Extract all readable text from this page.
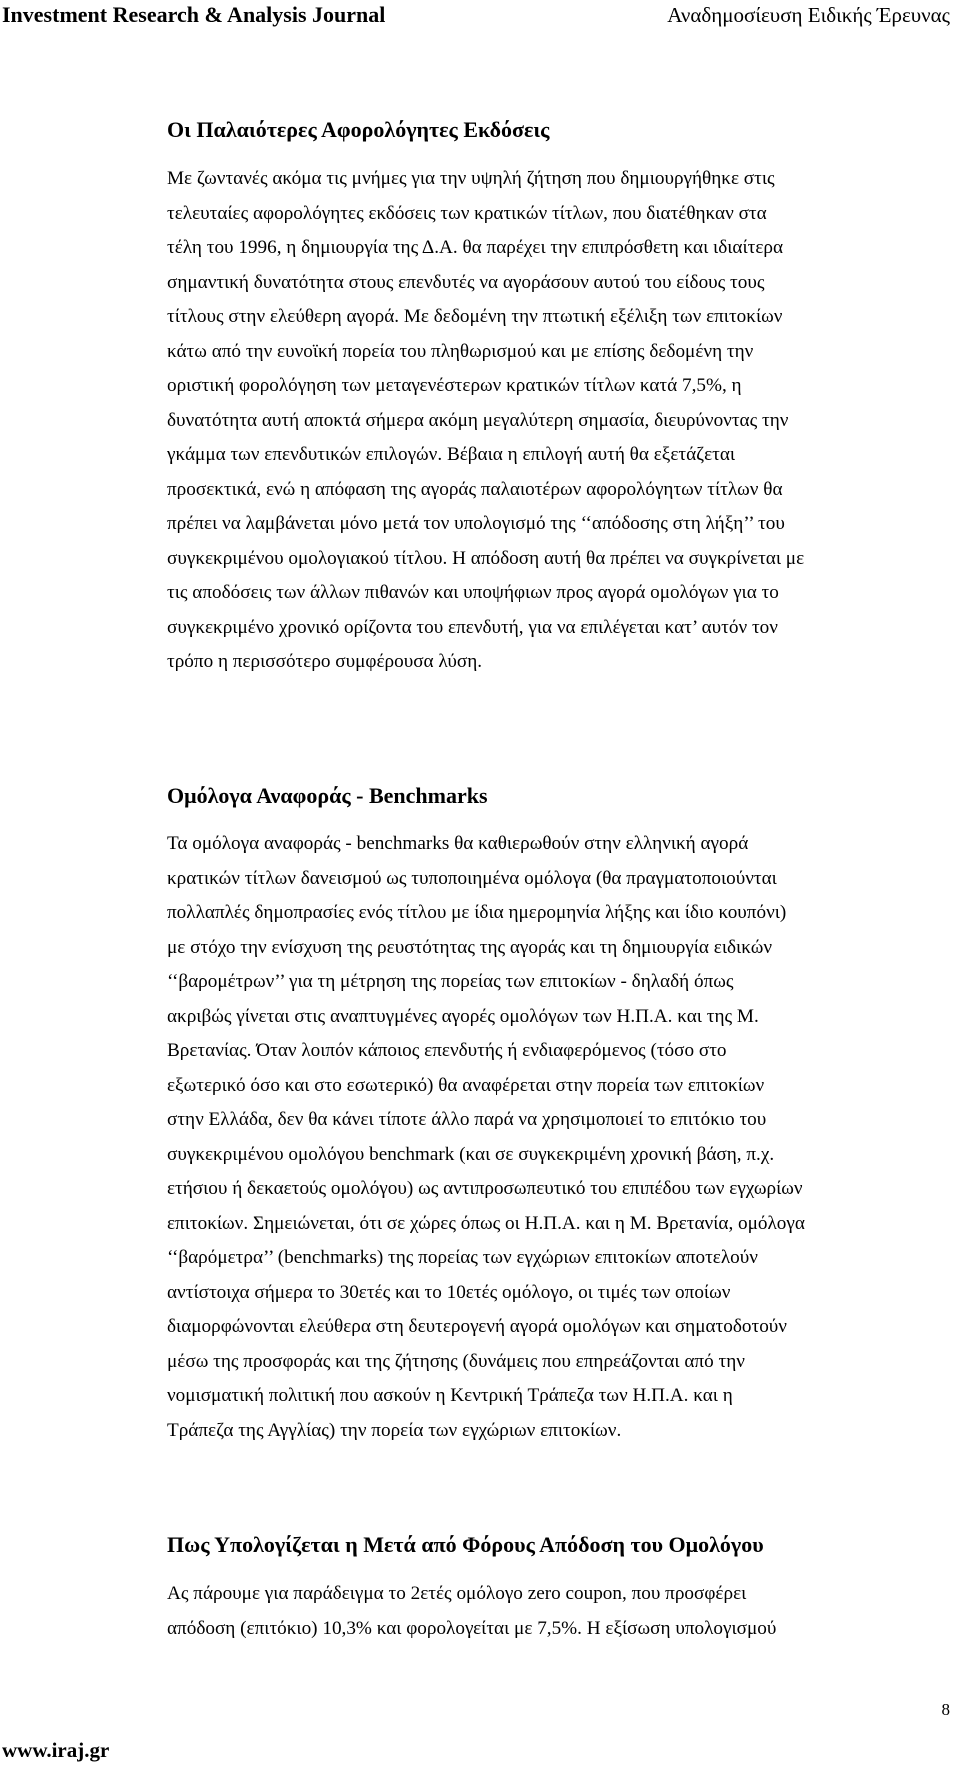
Investment Research & Analysis Journal	Αναδημοσίευση Ειδικής Έρευνας
Οι Παλαιότερες Αφορολόγητες Εκδόσεις
Με ζωντανές ακόμα τις μνήμες για την υψηλή ζήτηση που δημιουργήθηκε στις
τελευταίες αφορολόγητες εκδόσεις των κρατικών τίτλων, που διατέθηκαν στα
τέλη του 1996, η δημιουργία της Δ.Α. θα παρέχει την επιπρόσθετη και ιδιαίτερα
σημαντική δυνατότητα στους επενδυτές να αγοράσουν αυτού του είδους τους
τίτλους στην ελεύθερη αγορά. Με δεδομένη την πτωτική εξέλιξη των επιτοκίων
κάτω από την ευνοϊκή πορεία του πληθωρισμού και με επίσης δεδομένη την
οριστική φορολόγηση των μεταγενέστερων κρατικών τίτλων κατά 7,5%, η
δυνατότητα αυτή αποκτά σήμερα ακόμη μεγαλύτερη σημασία, διευρύνοντας την
γκάμμα των επενδυτικών επιλογών. Βέβαια η επιλογή αυτή θα εξετάζεται
προσεκτικά, ενώ η απόφαση της αγοράς παλαιοτέρων αφορολόγητων τίτλων θα
πρέπει να λαμβάνεται μόνο μετά τον υπολογισμό της ‘‘απόδοσης στη λήξη’’ του
συγκεκριμένου ομολογιακού τίτλου. Η απόδοση αυτή θα πρέπει να συγκρίνεται με
τις αποδόσεις των άλλων πιθανών και υποψήφιων προς αγορά ομολόγων για το
συγκεκριμένο χρονικό ορίζοντα του επενδυτή, για να επιλέγεται κατ’ αυτόν τον
τρόπο η περισσότερο συμφέρουσα λύση.
Ομόλογα Αναφοράς - Benchmarks
Τα ομόλογα αναφοράς - benchmarks θα καθιερωθούν στην ελληνική αγορά
κρατικών τίτλων δανεισμού ως τυποποιημένα ομόλογα (θα πραγματοποιούνται
πολλαπλές δημοπρασίες ενός τίτλου με ίδια ημερομηνία λήξης και ίδιο κουπόνι)
με στόχο την ενίσχυση της ρευστότητας της αγοράς και τη δημιουργία ειδικών
‘‘βαρομέτρων’’ για τη μέτρηση της πορείας των επιτοκίων - δηλαδή όπως
ακριβώς γίνεται στις αναπτυγμένες αγορές ομολόγων των Η.Π.Α. και της Μ.
Βρετανίας. Όταν λοιπόν κάποιος επενδυτής ή ενδιαφερόμενος (τόσο στο
εξωτερικό όσο και στο εσωτερικό) θα αναφέρεται στην πορεία των επιτοκίων
στην Ελλάδα, δεν θα κάνει τίποτε άλλο παρά να χρησιμοποιεί το επιτόκιο του
συγκεκριμένου ομολόγου benchmark (και σε συγκεκριμένη χρονική βάση, π.χ.
ετήσιου ή δεκαετούς ομολόγου) ως αντιπροσωπευτικό του επιπέδου των εγχωρίων
επιτοκίων. Σημειώνεται, ότι σε χώρες όπως οι Η.Π.Α. και η Μ. Βρετανία, ομόλογα
‘‘βαρόμετρα’’ (benchmarks) της πορείας των εγχώριων επιτοκίων αποτελούν
αντίστοιχα σήμερα το 30ετές και το 10ετές ομόλογο, οι τιμές των οποίων
διαμορφώνονται ελεύθερα στη δευτερογενή αγορά ομολόγων και σηματοδοτούν
μέσω της προσφοράς και της ζήτησης (δυνάμεις που επηρεάζονται από την
νομισματική πολιτική που ασκούν η Κεντρική Τράπεζα των Η.Π.Α. και η
Τράπεζα της Αγγλίας) την πορεία των εγχώριων επιτοκίων.
Πως Υπολογίζεται η Μετά από Φόρους Απόδοση του Ομολόγου
Ας πάρουμε για παράδειγμα το 2ετές ομόλογο zero coupon, που προσφέρει
απόδοση (επιτόκιο) 10,3% και φορολογείται με 7,5%. Η εξίσωση υπολογισμού
8
www.iraj.gr
